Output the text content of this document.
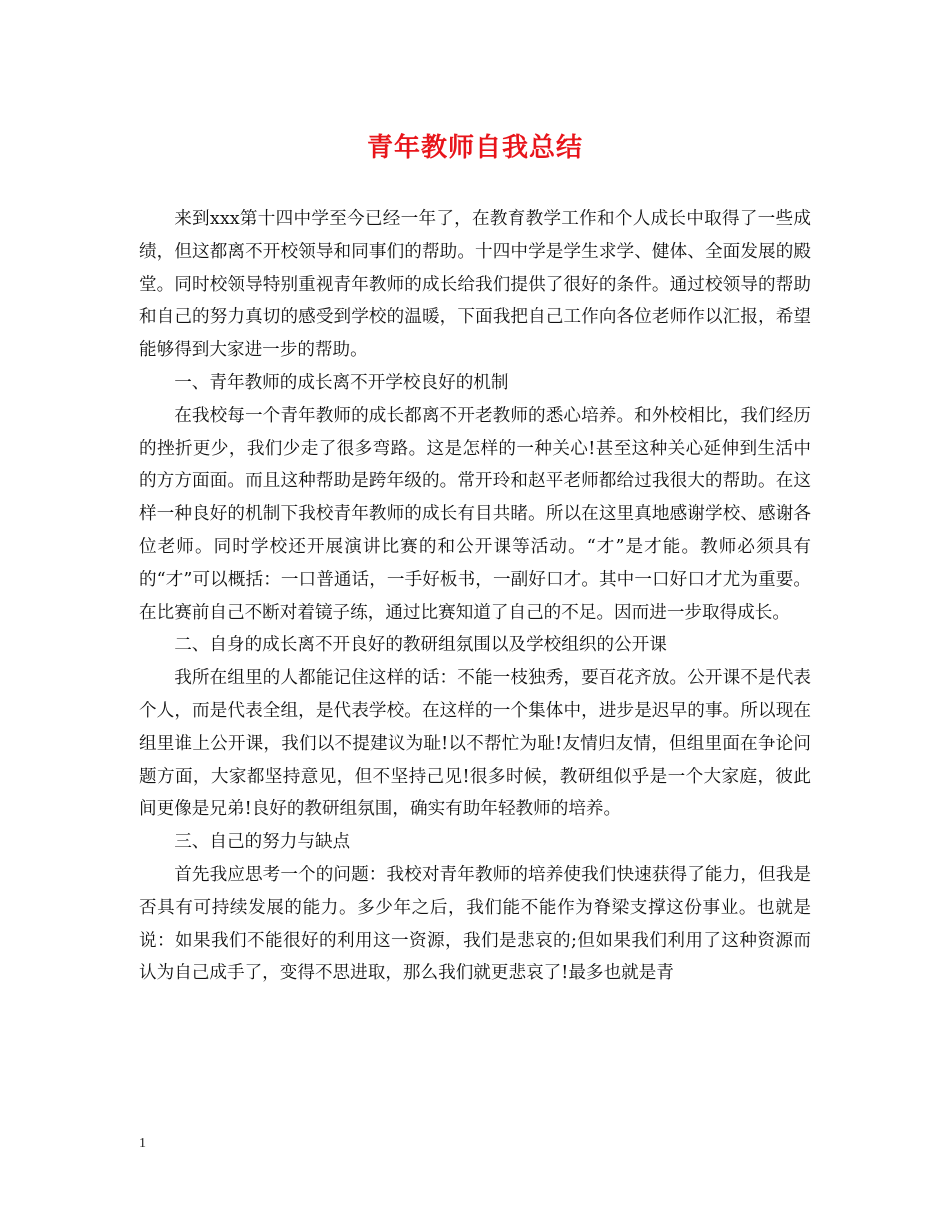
青年教师自我总结

来到xxx第十四中学至今已经一年了，在教育教学工作和个人成长中取得了一些成绩，但这都离不开校领导和同事们的帮助。十四中学是学生求学、健体、全面发展的殿堂。同时校领导特别重视青年教师的成长给我们提供了很好的条件。通过校领导的帮助和自己的努力真切的感受到学校的温暖，下面我把自己工作向各位老师作以汇报，希望能够得到大家进一步的帮助。

一、青年教师的成长离不开学校良好的机制

在我校每一个青年教师的成长都离不开老教师的悉心培养。和外校相比，我们经历的挫折更少，我们少走了很多弯路。这是怎样的一种关心!甚至这种关心延伸到生活中的方方面面。而且这种帮助是跨年级的。常开玲和赵平老师都给过我很大的帮助。在这样一种良好的机制下我校青年教师的成长有目共睹。所以在这里真地感谢学校、感谢各位老师。同时学校还开展演讲比赛的和公开课等活动。“才”是才能。教师必须具有的“才”可以概括：一口普通话，一手好板书，一副好口才。其中一口好口才尤为重要。在比赛前自己不断对着镜子练，通过比赛知道了自己的不足。因而进一步取得成长。

二、自身的成长离不开良好的教研组氛围以及学校组织的公开课

我所在组里的人都能记住这样的话：不能一枝独秀，要百花齐放。公开课不是代表个人，而是代表全组，是代表学校。在这样的一个集体中，进步是迟早的事。所以现在组里谁上公开课，我们以不提建议为耻!以不帮忙为耻!友情归友情，但组里面在争论问题方面，大家都坚持意见，但不坚持己见!很多时候，教研组似乎是一个大家庭，彼此间更像是兄弟!良好的教研组氛围，确实有助年轻教师的培养。

三、自己的努力与缺点

首先我应思考一个的问题：我校对青年教师的培养使我们快速获得了能力，但我是否具有可持续发展的能力。多少年之后，我们能不能作为脊梁支撑这份事业。也就是说：如果我们不能很好的利用这一资源，我们是悲哀的;但如果我们利用了这种资源而认为自己成手了，变得不思进取，那么我们就更悲哀了!最多也就是青

1
